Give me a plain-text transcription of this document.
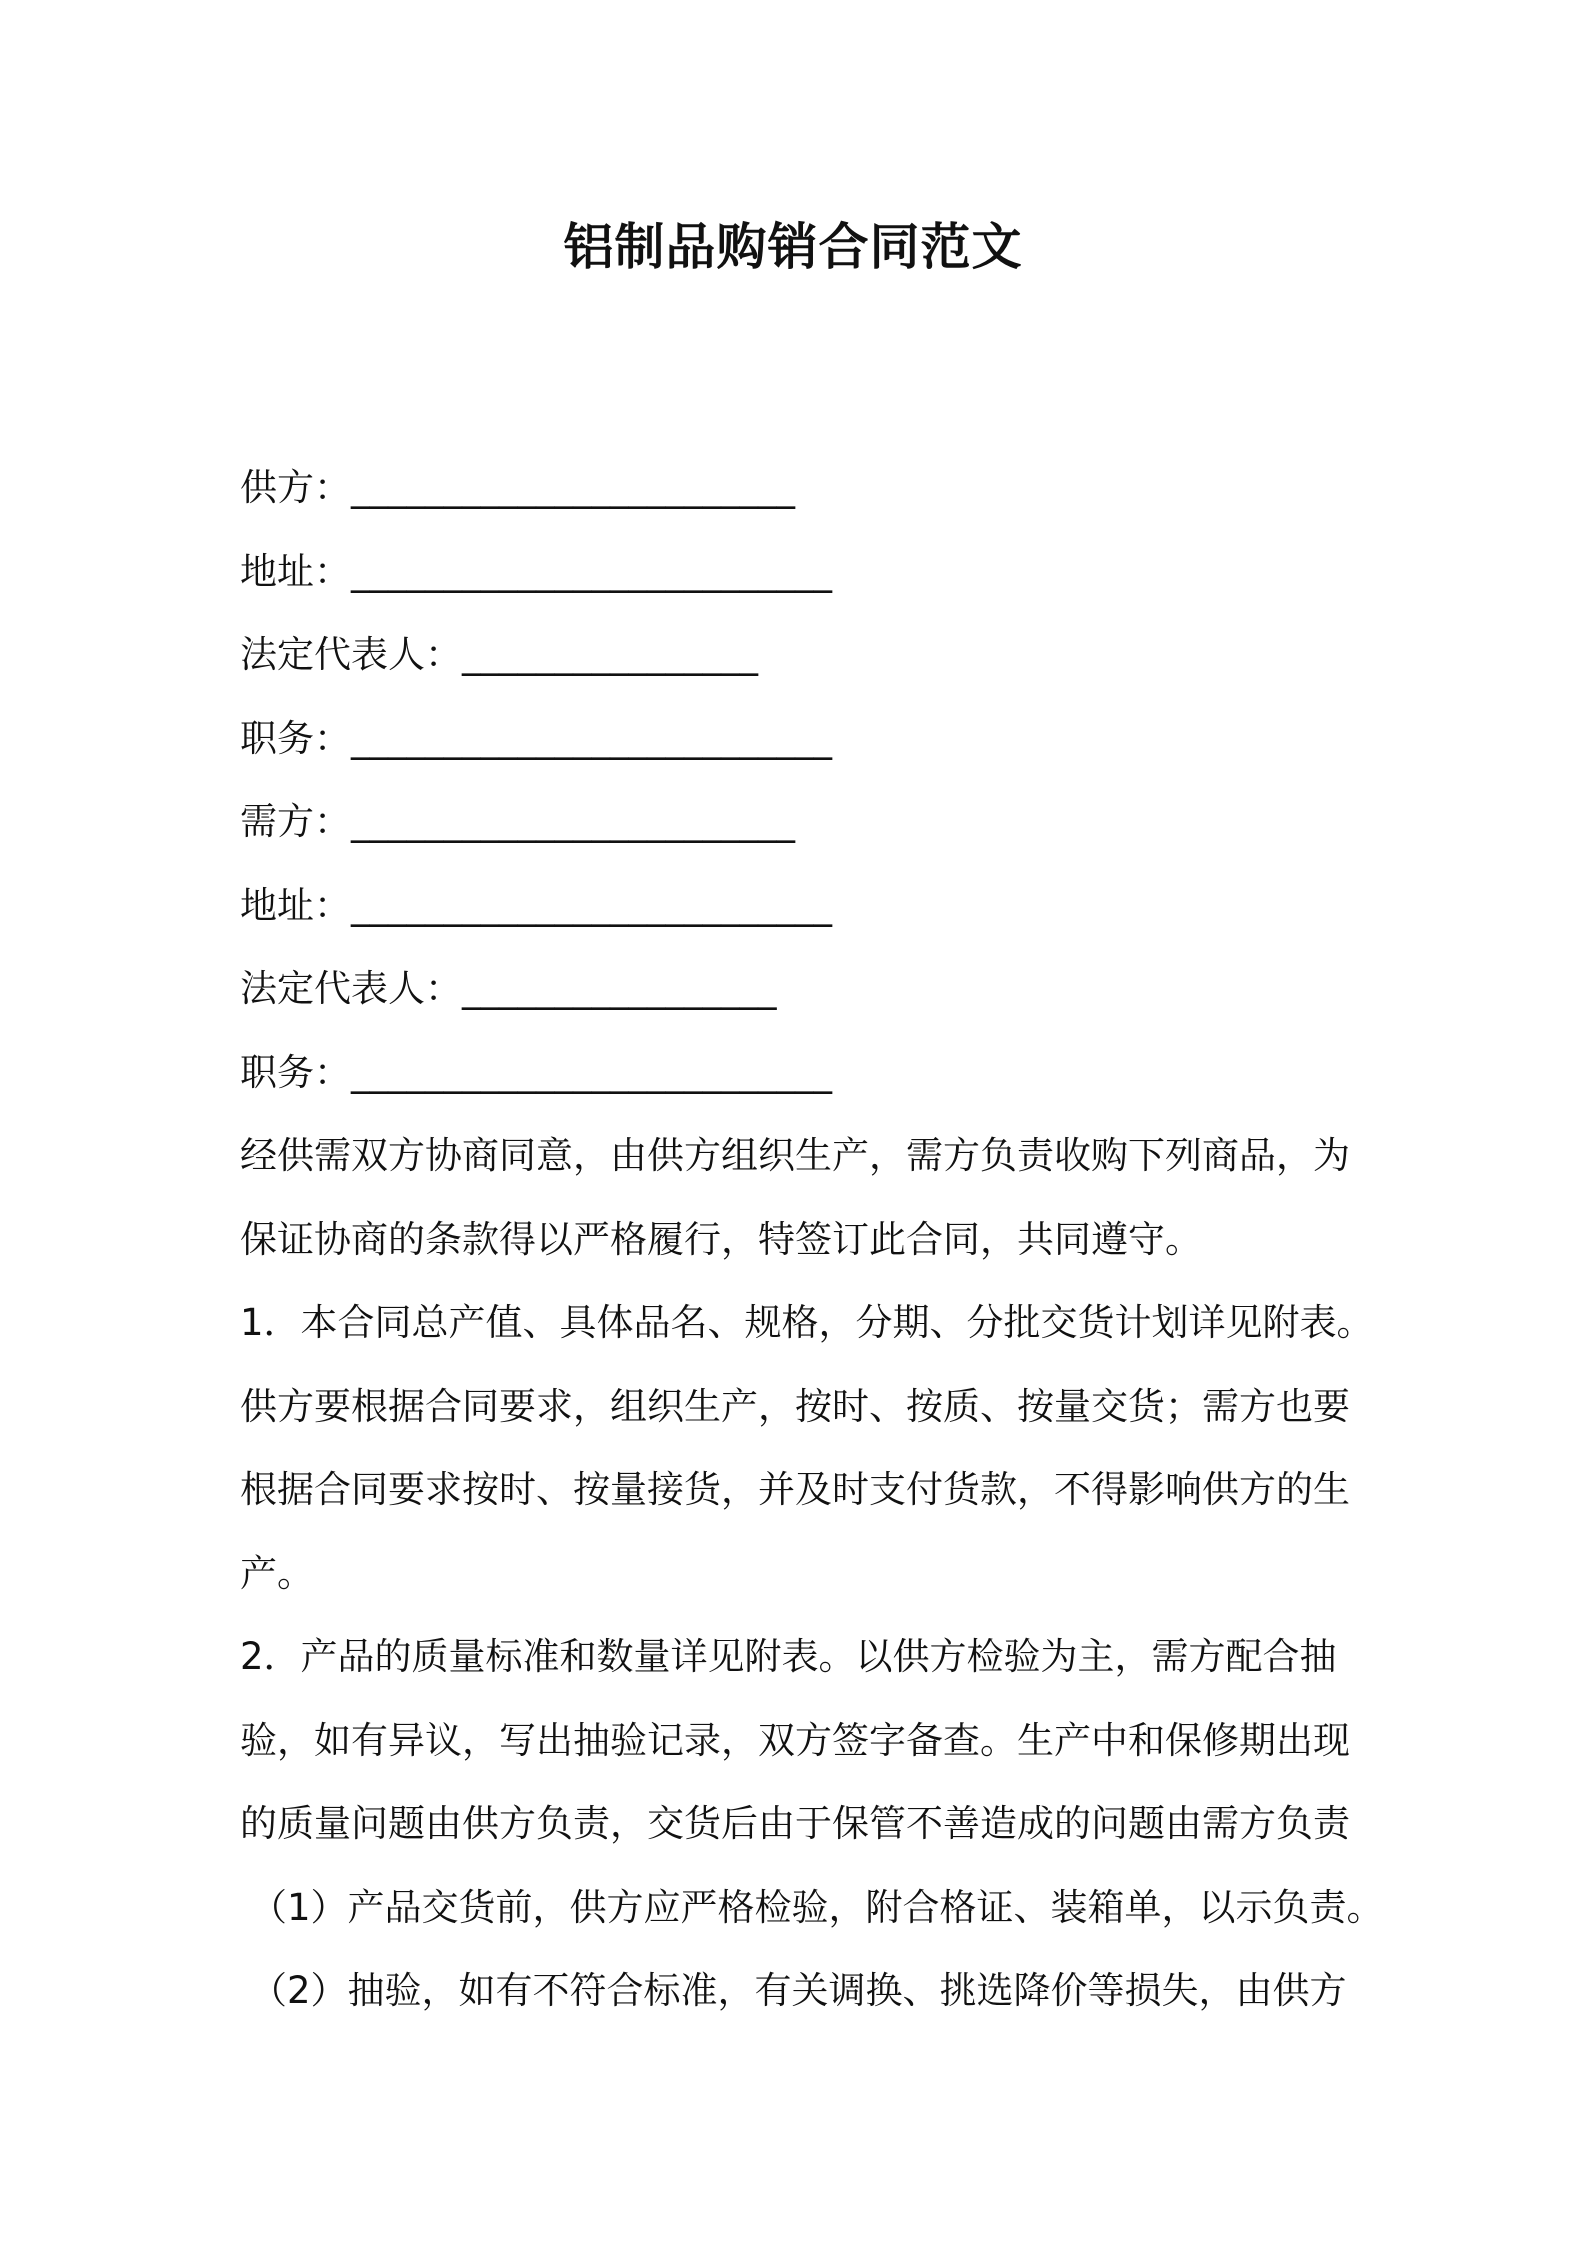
铝制品购销合同范文
供方：________________________
地址：__________________________
法定代表人：________________
职务：__________________________
需方：________________________
地址：__________________________
法定代表人：_________________
职务：__________________________
经供需双方协商同意，由供方组织生产，需方负责收购下列商品，为
保证协商的条款得以严格履行，特签订此合同，共同遵守。
1．本合同总产值、具体品名、规格，分期、分批交货计划详见附表。
供方要根据合同要求，组织生产，按时、按质、按量交货；需方也要
根据合同要求按时、按量接货，并及时支付货款，不得影响供方的生
产。
2．产品的质量标准和数量详见附表。以供方检验为主，需方配合抽
验，如有异议，写出抽验记录，双方签字备查。生产中和保修期出现
的质量问题由供方负责，交货后由于保管不善造成的问题由需方负责
（1）产品交货前，供方应严格检验，附合格证、装箱单，以示负责。
（2）抽验，如有不符合标准，有关调换、挑选降价等损失，由供方
